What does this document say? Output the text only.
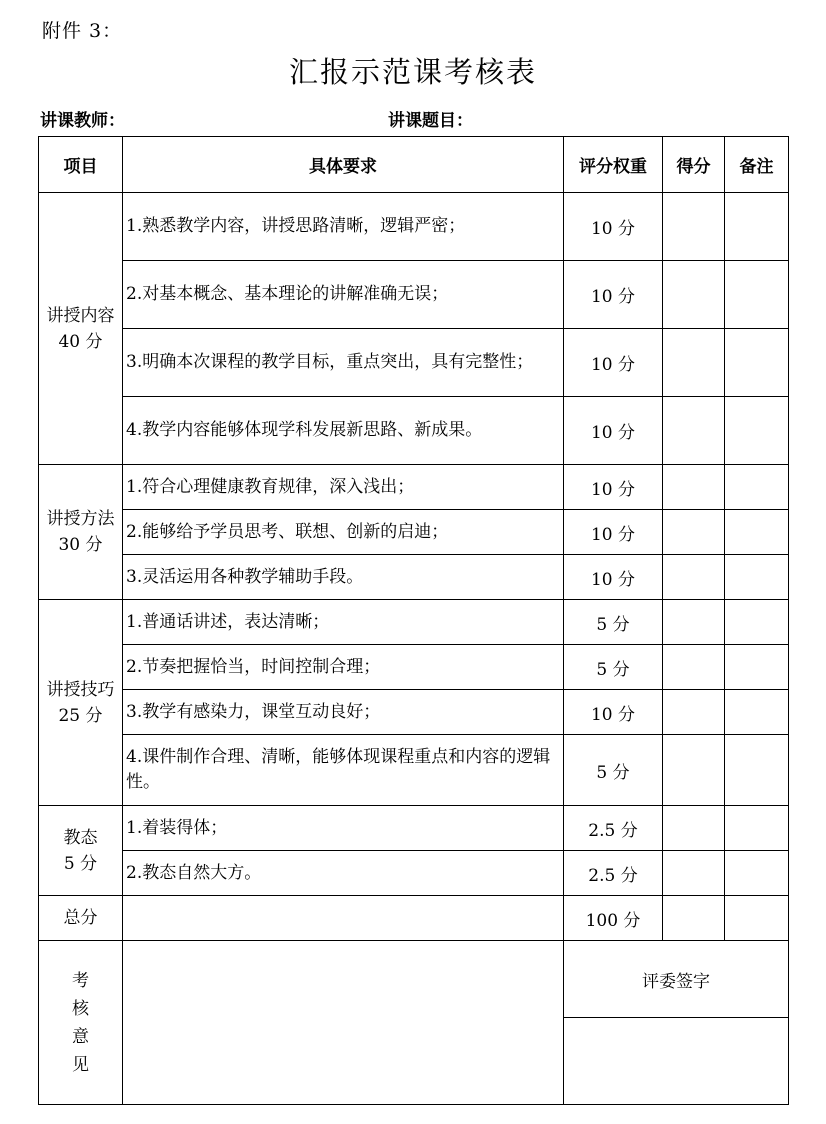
附件 3：
汇报示范课考核表
讲课教师：	讲课题目：
项目	具体要求	评分权重	得分	备注

讲授内容
40 分	1.熟悉教学内容，讲授思路清晰，逻辑严密；	10 分		
	2.对基本概念、基本理论的讲解准确无误；	10 分		
	3.明确本次课程的教学目标，重点突出，具有完整性；	10 分		
	4.教学内容能够体现学科发展新思路、新成果。	10 分		

讲授方法
30 分	1.符合心理健康教育规律，深入浅出；	10 分		
	2.能够给予学员思考、联想、创新的启迪；	10 分		
	3.灵活运用各种教学辅助手段。	10 分		

讲授技巧
25 分	1.普通话讲述，表达清晰；	5 分		
	2.节奏把握恰当，时间控制合理；	5 分		
	3.教学有感染力，课堂互动良好；	10 分		
	4.课件制作合理、清晰，能够体现课程重点和内容的逻辑性。	5 分		

教态
5 分	1.着装得体；	2.5 分		
	2.教态自然大方。	2.5 分		
总分		100 分		

考
核
意
见		评委签字		
